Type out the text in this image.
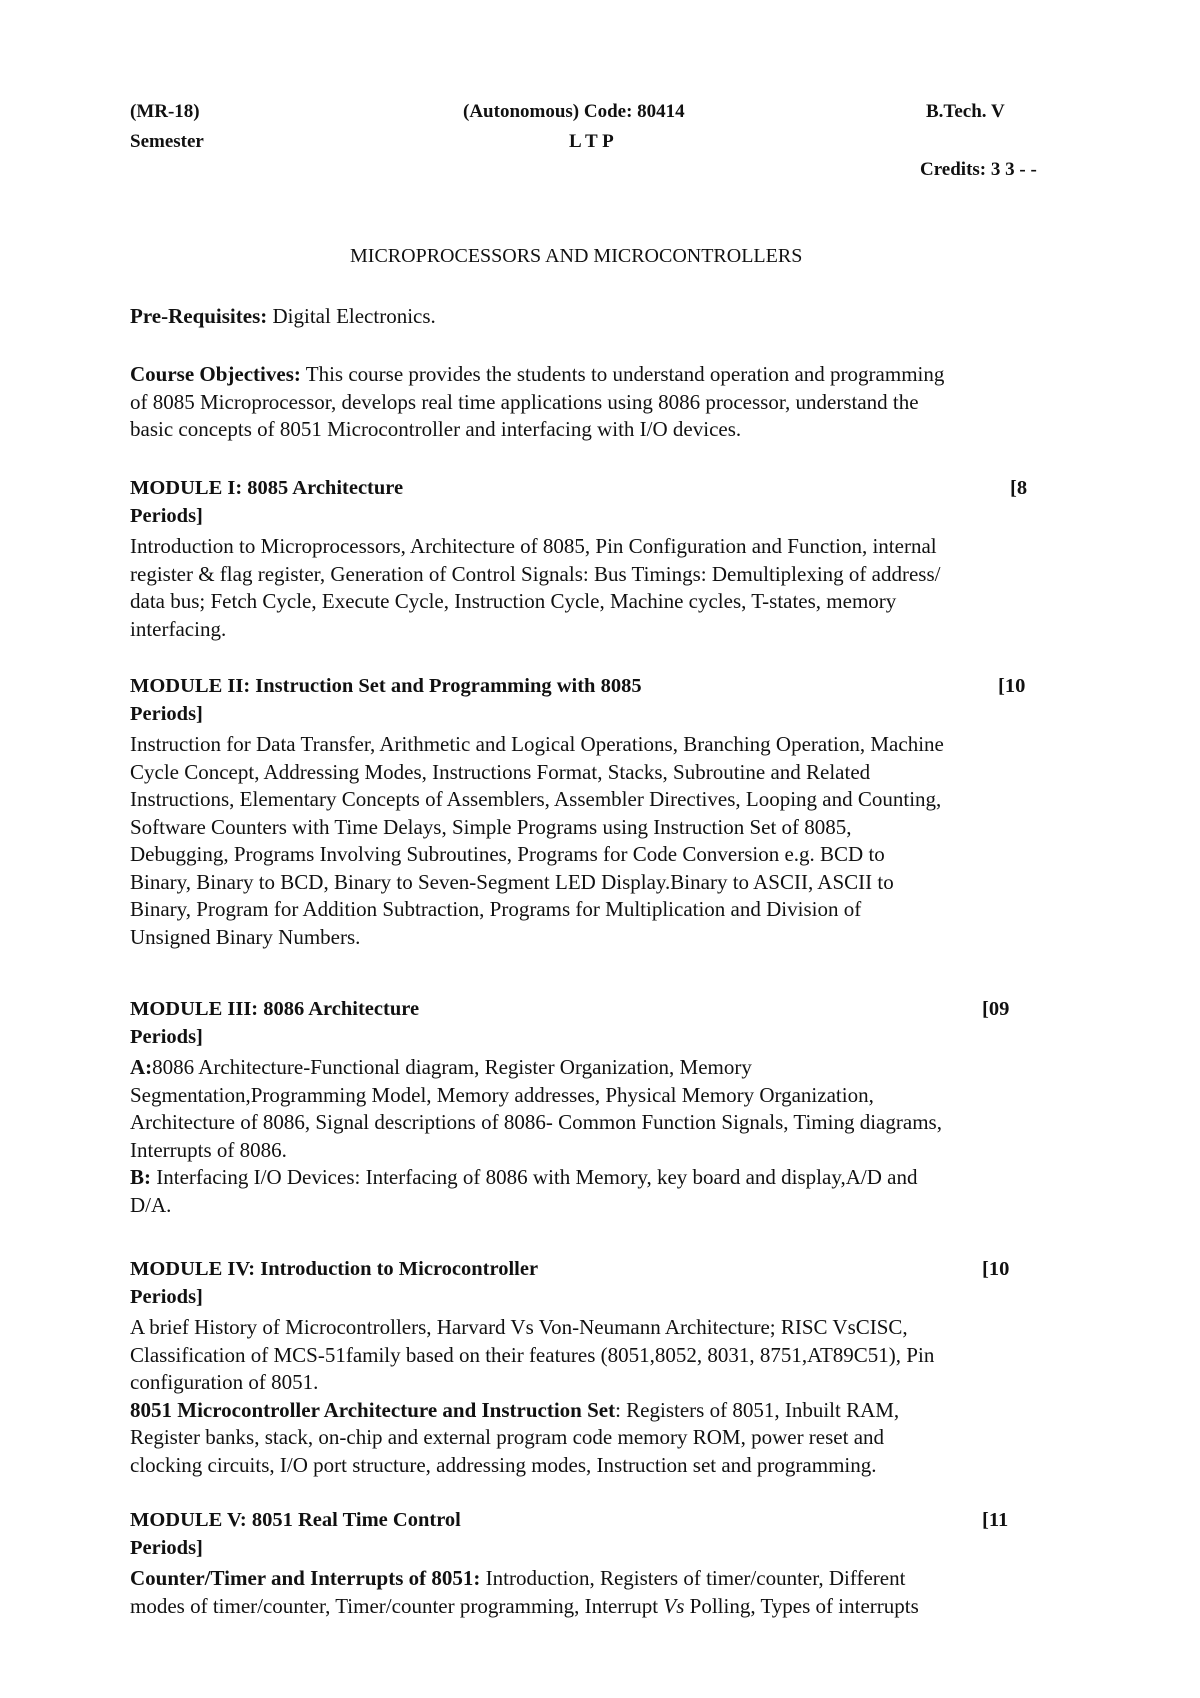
(MR-18)	(Autonomous) Code: 80414	B.Tech. V
Semester	L T P
Credits: 3 3 - -
MICROPROCESSORS AND MICROCONTROLLERS
Pre-Requisites: Digital Electronics.
Course Objectives: This course provides the students to understand operation and programming
of 8085 Microprocessor, develops real time applications using 8086 processor, understand the
basic concepts of 8051 Microcontroller and interfacing with I/O devices.
MODULE I: 8085 Architecture	[8
Periods]
Introduction to Microprocessors, Architecture of 8085, Pin Configuration and Function, internal
register & flag register, Generation of Control Signals: Bus Timings: Demultiplexing of address/
data bus; Fetch Cycle, Execute Cycle, Instruction Cycle, Machine cycles, T-states, memory
interfacing.
MODULE II: Instruction Set and Programming with 8085	[10
Periods]
Instruction for Data Transfer, Arithmetic and Logical Operations, Branching Operation, Machine
Cycle Concept, Addressing Modes, Instructions Format, Stacks, Subroutine and Related
Instructions, Elementary Concepts of Assemblers, Assembler Directives, Looping and Counting,
Software Counters with Time Delays, Simple Programs using Instruction Set of 8085,
Debugging, Programs Involving Subroutines, Programs for Code Conversion e.g. BCD to
Binary, Binary to BCD, Binary to Seven-Segment LED Display.Binary to ASCII, ASCII to
Binary, Program for Addition Subtraction, Programs for Multiplication and Division of
Unsigned Binary Numbers.
MODULE III: 8086 Architecture	[09
Periods]
A:8086 Architecture-Functional diagram, Register Organization, Memory
Segmentation,Programming Model, Memory addresses, Physical Memory Organization,
Architecture of 8086, Signal descriptions of 8086- Common Function Signals, Timing diagrams,
Interrupts of 8086.
B: Interfacing I/O Devices: Interfacing of 8086 with Memory, key board and display,A/D and
D/A.
MODULE IV: Introduction to Microcontroller	[10
Periods]
A brief History of Microcontrollers, Harvard Vs Von-Neumann Architecture; RISC VsCISC,
Classification of MCS-51family based on their features (8051,8052, 8031, 8751,AT89C51), Pin
configuration of 8051.
8051 Microcontroller Architecture and Instruction Set: Registers of 8051, Inbuilt RAM,
Register banks, stack, on-chip and external program code memory ROM, power reset and
clocking circuits, I/O port structure, addressing modes, Instruction set and programming.
MODULE V: 8051 Real Time Control	[11
Periods]
Counter/Timer and Interrupts of 8051: Introduction, Registers of timer/counter, Different
modes of timer/counter, Timer/counter programming, Interrupt Vs Polling, Types of interrupts
